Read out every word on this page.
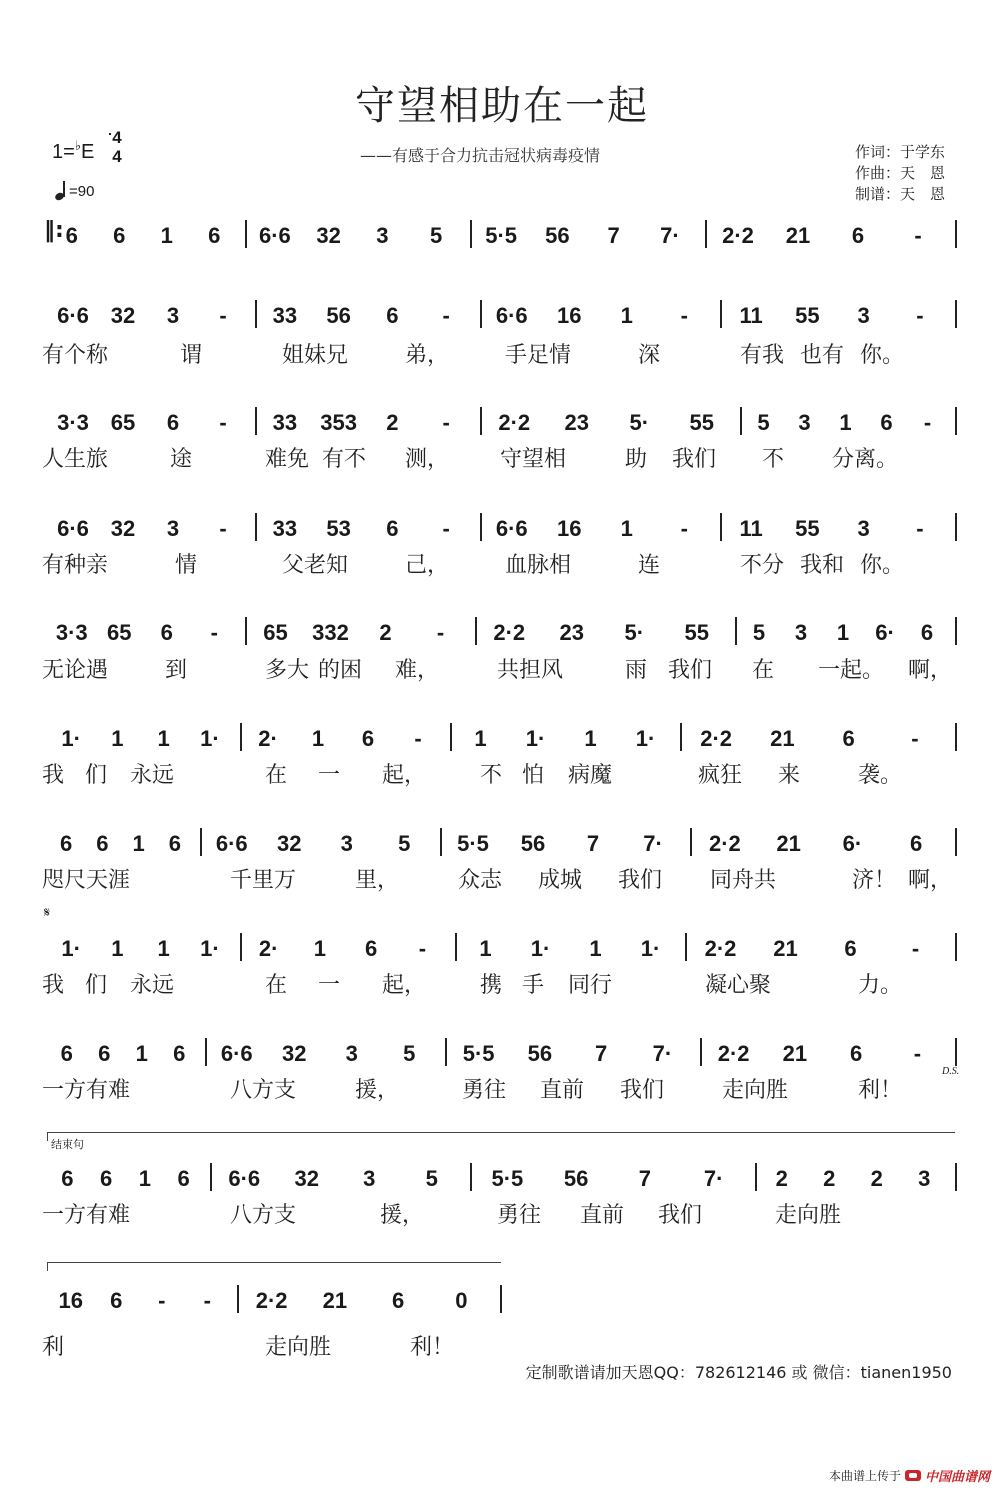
守望相助在一起
——有感于合力抗击冠状病毒疫情
1=♭E
4
4
=90
作词：于学东
作曲：天　恩
制谱：天　恩
6	6	1	6	6·6	32	3	5	5·5	56	7	7·	2·2	21	6	-
6·6 32	3	-	33	56	6	-	6·6	16	1	-	11	55	3	-
有个称	谓	姐妹兄	弟，	手足情	深	有我 也有 你。
3·3 65	6	-	33	353	2	-	2·2	23	5·	55	5	3	1	6	-
人生旅	途	难免 有不 测， 守望相	助 我们 不 分离。
6·6 32	3	-	33	53	6	-	6·6	16	1	-	11	55	3	-
有种亲	情	父老知	己，	血脉相	连	不分 我和 你。
3·3 65	6	-	65	332	2	-	2·2	23	5·	55	5	3	1	6·	6
无论遇	到	多大 的困 难，	共担风	雨 我们 在 一起。 啊，
1·	1	1	1·	2·	1	6	-	1	1·	1	1·	2·2	21	6	-
我 们 永远	在 一 起， 不 怕 病魔	疯狂 来	袭。
6	6	1	6	6·6	32	3	5	5·5	56	7	7·	2·2	21	6·	6
咫尺天涯	千里万	里，	众志 成城 我们 同舟共	济！ 啊，
1·	1	1	1·	2·	1	6	-	1	1·	1	1·	2·2	21	6	-
我 们 永远	在 一 起， 携 手 同行	凝心聚	力。
6	6	1	6	6·6	32	3	5	5·5	56	7	7·	2·2	21	6	-
一方有难	八方支	援，	勇往 直前 我们	走向胜	利！
6	6	1	6	6·6	32	3	5	5·5	56	7	7·	2	2	2	3
一方有难	八方支	援，	勇往 直前 我们	走向胜
16	6	-	-	2·2	21	6	0
利	走向胜	利！
‖:
D.S.
𝄋
结束句
定制歌谱请加天恩QQ：782612146 或 微信：tianen1950
本曲谱上传于 中国曲谱网
